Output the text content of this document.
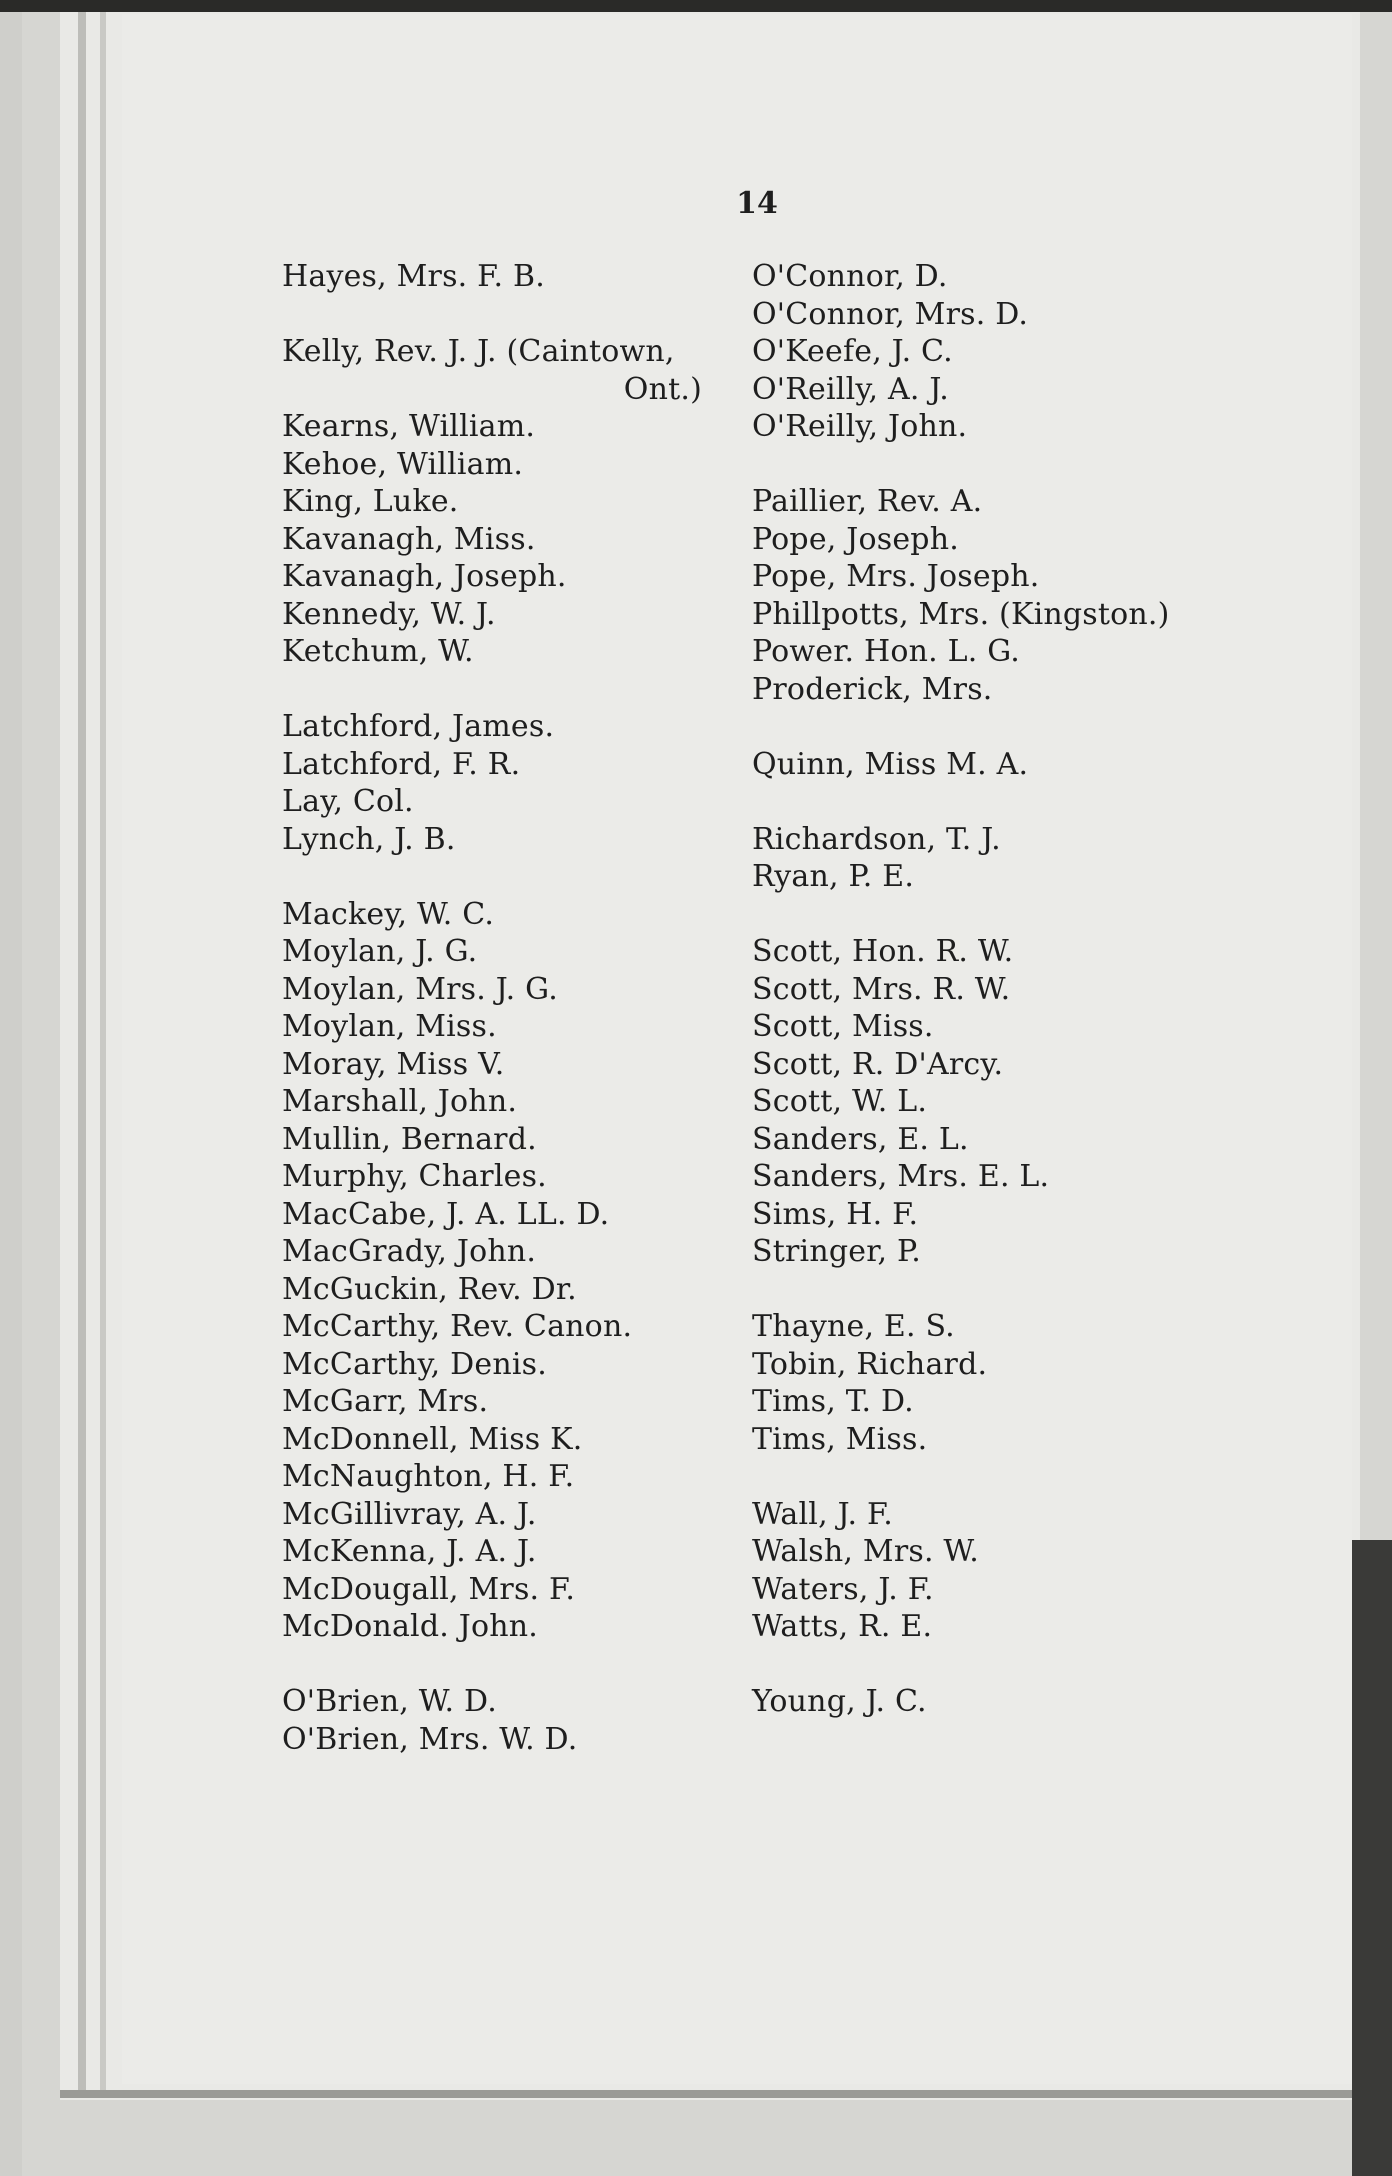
14
Hayes, Mrs. F. B.
Kelly, Rev. J. J. (Caintown,
Ont.)
Kearns, William.
Kehoe, William.
King, Luke.
Kavanagh, Miss.
Kavanagh, Joseph.
Kennedy, W. J.
Ketchum, W.
Latchford, James.
Latchford, F. R.
Lay, Col.
Lynch, J. B.
Mackey, W. C.
Moylan, J. G.
Moylan, Mrs. J. G.
Moylan, Miss.
Moray, Miss V.
Marshall, John.
Mullin, Bernard.
Murphy, Charles.
MacCabe, J. A. LL. D.
MacGrady, John.
McGuckin, Rev. Dr.
McCarthy, Rev. Canon.
McCarthy, Denis.
McGarr, Mrs.
McDonnell, Miss K.
McNaughton, H. F.
McGillivray, A. J.
McKenna, J. A. J.
McDougall, Mrs. F.
McDonald. John.
O'Brien, W. D.
O'Brien, Mrs. W. D.
O'Connor, D.
O'Connor, Mrs. D.
O'Keefe, J. C.
O'Reilly, A. J.
O'Reilly, John.
Paillier, Rev. A.
Pope, Joseph.
Pope, Mrs. Joseph.
Phillpotts, Mrs. (Kingston.)
Power. Hon. L. G.
Proderick, Mrs.
Quinn, Miss M. A.
Richardson, T. J.
Ryan, P. E.
Scott, Hon. R. W.
Scott, Mrs. R. W.
Scott, Miss.
Scott, R. D'Arcy.
Scott, W. L.
Sanders, E. L.
Sanders, Mrs. E. L.
Sims, H. F.
Stringer, P.
Thayne, E. S.
Tobin, Richard.
Tims, T. D.
Tims, Miss.
Wall, J. F.
Walsh, Mrs. W.
Waters, J. F.
Watts, R. E.
Young, J. C.
